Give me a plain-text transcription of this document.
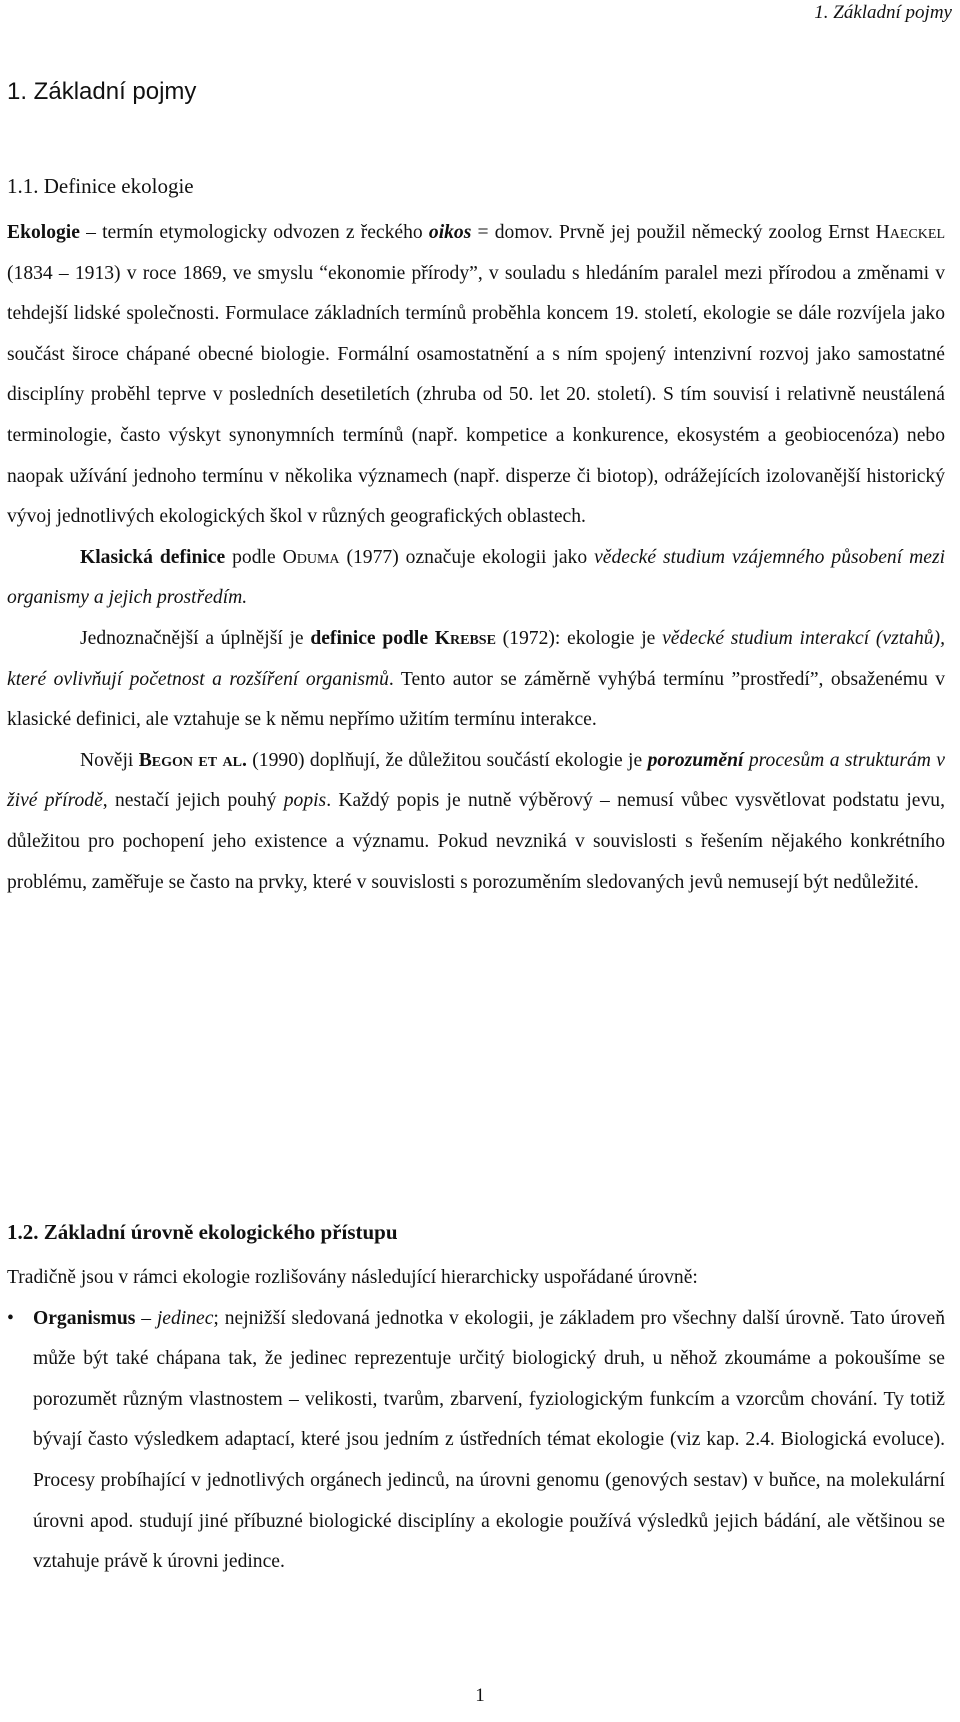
1. Základní pojmy
1. Základní pojmy
1.1. Definice ekologie

Ekologie – termín etymologicky odvozen z řeckého oikos = domov. Prvně jej použil německý zoolog Ernst Haeckel (1834 – 1913) v roce 1869, ve smyslu “ekonomie přírody”, v souladu s hledáním paralel mezi přírodou a změnami v tehdejší lidské společnosti. Formulace základních termínů proběhla koncem 19. století, ekologie se dále rozvíjela jako součást široce chápané obecné biologie. Formální osamostatnění a s ním spojený intenzivní rozvoj jako samostatné disciplíny proběhl teprve v posledních desetiletích (zhruba od 50. let 20. století). S tím souvisí i relativně neustálená terminologie, často výskyt synonymních termínů (např. kompetice a konkurence, ekosystém a geobiocenóza) nebo naopak užívání jednoho termínu v několika významech (např. disperze či biotop), odrážejících izolovanější historický vývoj jednotlivých ekologických škol v různých geografických oblastech.

Klasická definice podle Oduma (1977) označuje ekologii jako vědecké studium vzájemného působení mezi organismy a jejich prostředím.

Jednoznačnější a úplnější je definice podle Krebse (1972): ekologie je vědecké studium interakcí (vztahů), které ovlivňují početnost a rozšíření organismů. Tento autor se záměrně vyhýbá termínu ”prostředí”, obsaženému v klasické definici, ale vztahuje se k němu nepřímo užitím termínu interakce.

Nověji Begon et al. (1990) doplňují, že důležitou součástí ekologie je porozumění procesům a strukturám v živé přírodě, nestačí jejich pouhý popis. Každý popis je nutně výběrový – nemusí vůbec vysvětlovat podstatu jevu, důležitou pro pochopení jeho existence a významu. Pokud nevzniká v souvislosti s řešením nějakého konkrétního problému, zaměřuje se často na prvky, které v souvislosti s porozuměním sledovaných jevů nemusejí být nedůležité.

1.2. Základní úrovně ekologického přístupu

Tradičně jsou v rámci ekologie rozlišovány následující hierarchicky uspořádané úrovně:

• Organismus – jedinec; nejnižší sledovaná jednotka v ekologii, je základem pro všechny další úrovně. Tato úroveň může být také chápana tak, že jedinec reprezentuje určitý biologický druh, u něhož zkoumáme a pokoušíme se porozumět různým vlastnostem – velikosti, tvarům, zbarvení, fyziologickým funkcím a vzorcům chování. Ty totiž bývají často výsledkem adaptací, které jsou jedním z ústředních témat ekologie (viz kap. 2.4. Biologická evoluce). Procesy probíhající v jednotlivých orgánech jedinců, na úrovni genomu (genových sestav) v buňce, na molekulární úrovni apod. studují jiné příbuzné biologické disciplíny a ekologie používá výsledků jejich bádání, ale většinou se vztahuje právě k úrovni jedince.
1
